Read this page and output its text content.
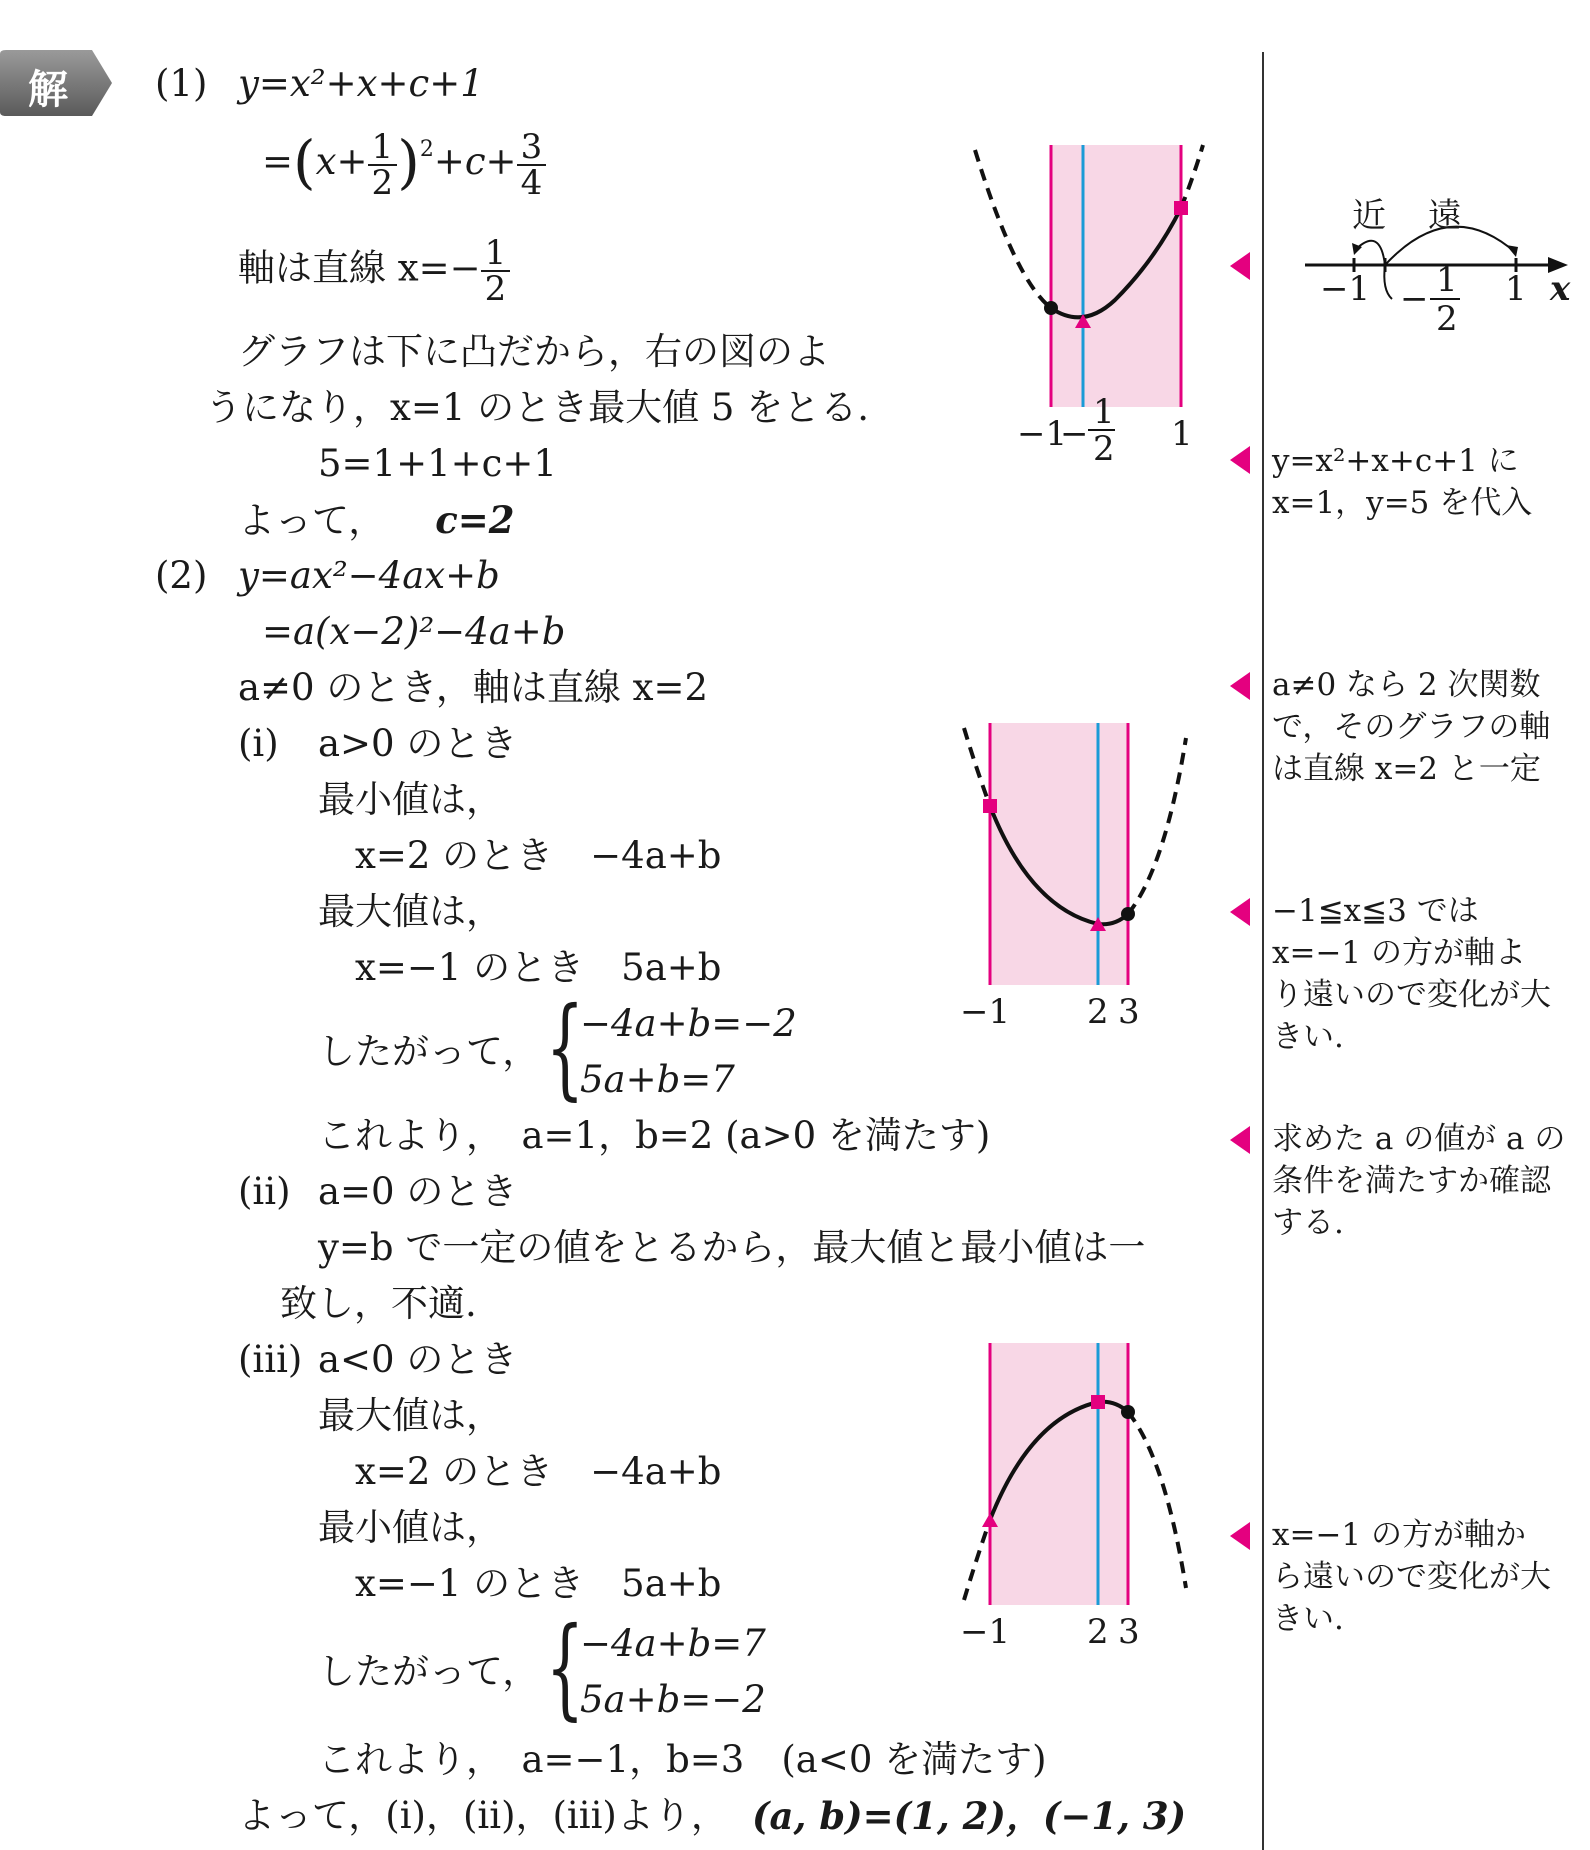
解 (1) y=x²+x+c+1
$=(x+ \frac{1}{2} )^2+c+ \frac{3}{4}$
軸は直線 $x=- \frac{1}{2}$
グラフは下に凸だから，右の図のよ
うになり，x=1 のとき最大値 5 をとる.
5=1+1+c+1
よって， c=2
(2) y=ax²−4ax+b
=a(x−2)²−4a+b
a≠0 のとき，軸は直線 x=2
(i) a>0 のとき
最小値は，
x=2 のとき　−4a+b
最大値は，
x=−1 のとき　5a+b
したがって， {
−4a+b=−2
5a+b=7
これより，　a=1，b=2 (a>0 を満たす)
(ii) a=0 のとき
y=b で一定の値をとるから，最大値と最小値は一
致し，不適.
(iii) a<0 のとき
最大値は，
x=2 のとき　−4a+b
最小値は，
x=−1 のとき　5a+b
したがって， {
−4a+b=7
5a+b=−2
これより，　a=−1，b=3　(a<0 を満たす)
よって，(i)，(ii)，(iii)より， (a, b)=(1, 2)，(−1, 3)
−1
−
1
2 1
−1 2 3
−1 2 3
近 遠
−1 − 1
2
1 x
y=x²+x+c+1 に
x=1，y=5 を代入
a≠0 なら 2 次関数
で，そのグラフの軸
は直線 x=2 と一定
−1≦x≦3 では
x=−1 の方が軸よ
り遠いので変化が大
きい.
求めた a の値が a の
条件を満たすか確認
する.
x=−1 の方が軸か
ら遠いので変化が大
きい.
